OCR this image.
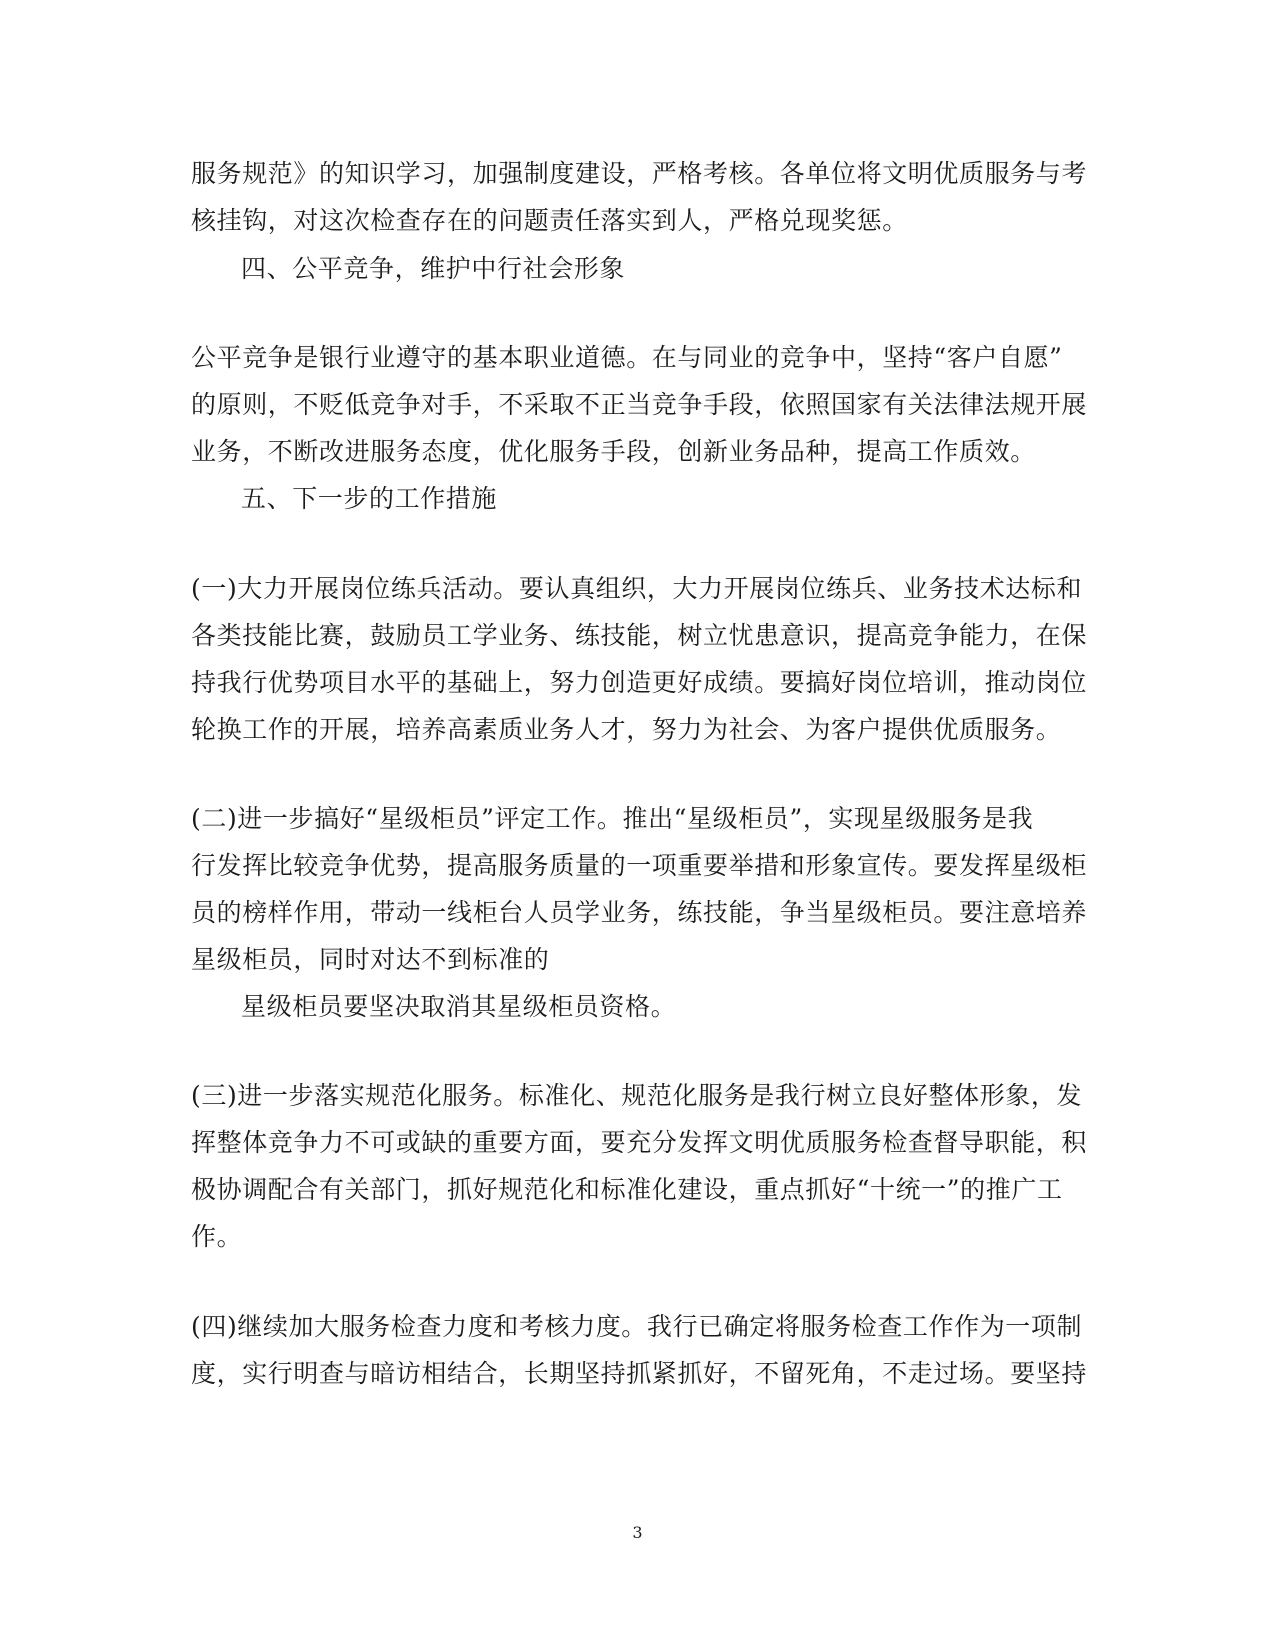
服务规范》的知识学习，加强制度建设，严格考核。各单位将文明优质服务与考
核挂钩，对这次检查存在的问题责任落实到人，严格兑现奖惩。
四、公平竞争，维护中行社会形象
公平竞争是银行业遵守的基本职业道德。在与同业的竞争中，坚持“客户自愿”
的原则，不贬低竞争对手，不采取不正当竞争手段，依照国家有关法律法规开展
业务，不断改进服务态度，优化服务手段，创新业务品种，提高工作质效。
五、下一步的工作措施
(一)大力开展岗位练兵活动。要认真组织，大力开展岗位练兵、业务技术达标和
各类技能比赛，鼓励员工学业务、练技能，树立忧患意识，提高竞争能力，在保
持我行优势项目水平的基础上，努力创造更好成绩。要搞好岗位培训，推动岗位
轮换工作的开展，培养高素质业务人才，努力为社会、为客户提供优质服务。
(二)进一步搞好“星级柜员”评定工作。推出“星级柜员”，实现星级服务是我
行发挥比较竞争优势，提高服务质量的一项重要举措和形象宣传。要发挥星级柜
员的榜样作用，带动一线柜台人员学业务，练技能，争当星级柜员。要注意培养
星级柜员，同时对达不到标准的
星级柜员要坚决取消其星级柜员资格。
(三)进一步落实规范化服务。标准化、规范化服务是我行树立良好整体形象，发
挥整体竞争力不可或缺的重要方面，要充分发挥文明优质服务检查督导职能，积
极协调配合有关部门，抓好规范化和标准化建设，重点抓好“十统一”的推广工
作。
(四)继续加大服务检查力度和考核力度。我行已确定将服务检查工作作为一项制
度，实行明查与暗访相结合，长期坚持抓紧抓好，不留死角，不走过场。要坚持
3
